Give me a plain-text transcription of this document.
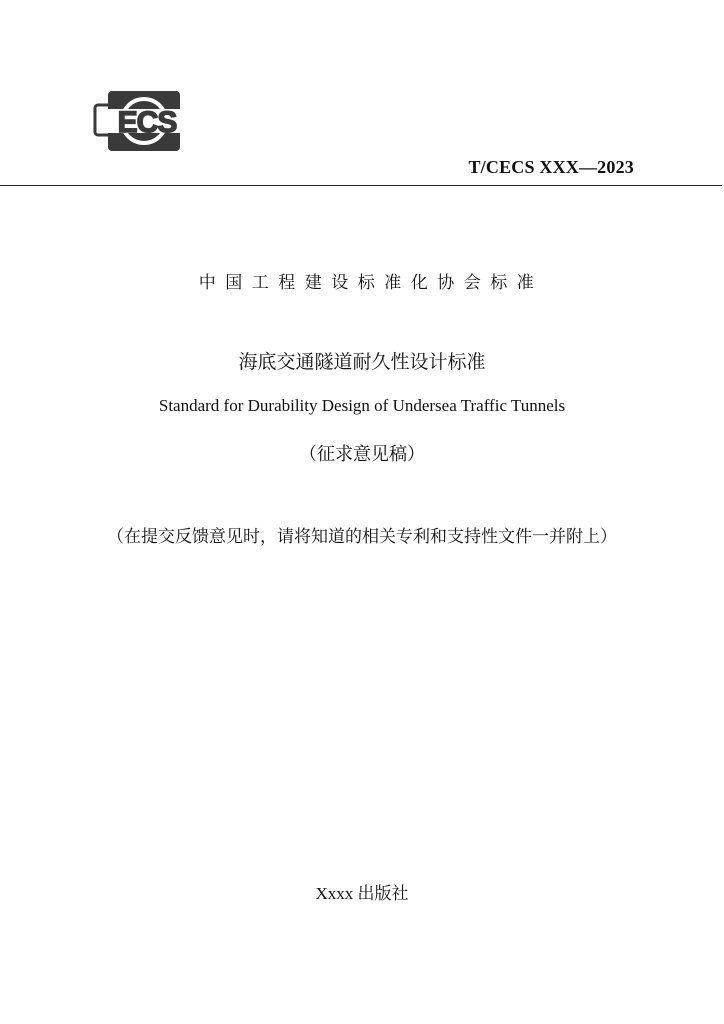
ECS
T/CECS XXX—2023
中国工程建设标准化协会标准
海底交通隧道耐久性设计标准
Standard for Durability Design of Undersea Traffic Tunnels
（征求意见稿）
（在提交反馈意见时，请将知道的相关专利和支持性文件一并附上）
Xxxx 出版社
